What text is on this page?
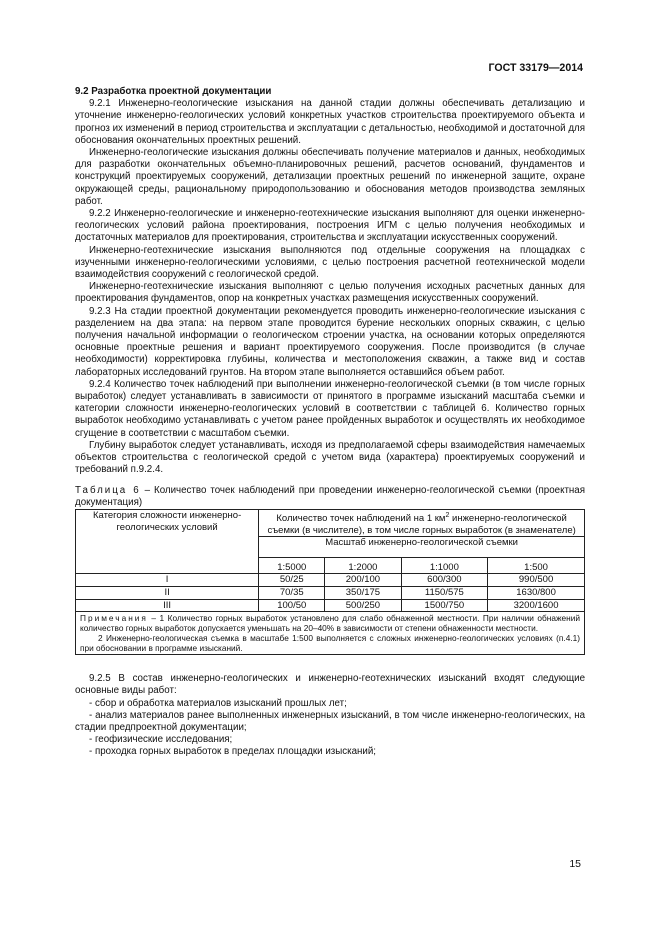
ГОСТ 33179—2014

9.2 Разработка проектной документации

9.2.1 Инженерно-геологические изыскания на данной стадии должны обеспечивать детализацию и уточнение инженерно-геологических условий конкретных участков строительства проектируемого объекта и прогноз их изменений в период строительства и эксплуатации с детальностью, необходимой и достаточной для обоснования окончательных проектных решений.

Инженерно-геологические изыскания должны обеспечивать получение материалов и данных, необходимых для разработки окончательных объемно-планировочных решений, расчетов оснований, фундаментов и конструкций проектируемых сооружений, детализации проектных решений по инженерной защите, охране окружающей среды, рациональному природопользованию и обоснования методов производства земляных работ.

9.2.2 Инженерно-геологические и инженерно-геотехнические изыскания выполняют для оценки инженерно-геологических условий района проектирования, построения ИГМ с целью получения необходимых и достаточных материалов для проектирования, строительства и эксплуатации искусственных сооружений.

Инженерно-геотехнические изыскания выполняются под отдельные сооружения на площадках с изученными инженерно-геологическими условиями, с целью построения расчетной геотехнической модели взаимодействия сооружений с геологической средой.

Инженерно-геотехнические изыскания выполняют с целью получения исходных расчетных данных для проектирования фундаментов, опор на конкретных участках размещения искусственных сооружений.

9.2.3 На стадии проектной документации рекомендуется проводить инженерно-геологические изыскания с разделением на два этапа: на первом этапе проводится бурение нескольких опорных скважин, с целью получения начальной информации о геологическом строении участка, на основании которых определяются основные проектные решения и вариант проектируемого сооружения. После производится (в случае необходимости) корректировка глубины, количества и местоположения скважин, а также вид и состав лабораторных исследований грунтов. На втором этапе выполняется оставшийся объем работ.

9.2.4 Количество точек наблюдений при выполнении инженерно-геологической съемки (в том числе горных выработок) следует устанавливать в зависимости от принятого в программе изысканий масштаба съемки и категории сложности инженерно-геологических условий в соответствии с таблицей 6. Количество горных выработок необходимо устанавливать с учетом ранее пройденных выработок и осуществлять их необходимое сгущение в соответствии с масштабом съемки.

Глубину выработок следует устанавливать, исходя из предполагаемой сферы взаимодействия намечаемых объектов строительства с геологической средой с учетом вида (характера) проектируемых сооружений и требований п.9.2.4.

Таблица 6 – Количество точек наблюдений при проведении инженерно-геологической съемки (проектная документация)

Категория сложности инженерно-геологических условий	Количество точек наблюдений на 1 $км^2$ инженерно-геологической съемки (в числителе), в том числе горных выработок (в знаменателе)			
	Масштаб инженерно-геологической съемки			
	1:5000	1:2000	1:1000	1:500
I	50/25	200/100	600/300	990/500
II	70/35	350/175	1150/575	1630/800
III	100/50	500/250	1500/750	3200/1600

Примечания – 1 Количество горных выработок установлено для слабо обнаженной местности. При наличии обнажений количество горных выработок допускается уменьшать на 20–40% в зависимости от степени обнаженности местности.

2 Инженерно-геологическая съемка в масштабе 1:500 выполняется с сложных инженерно-геологических условиях (п.4.1) при обосновании в программе изысканий.				

9.2.5 В состав инженерно-геологических и инженерно-геотехнических изысканий входят следующие основные виды работ:

- сбор и обработка материалов изысканий прошлых лет;

- анализ материалов ранее выполненных инженерных изысканий, в том числе инженерно-геологических, на стадии предпроектной документации;

- геофизические исследования;

- проходка горных выработок в пределах площадки изысканий;

15
